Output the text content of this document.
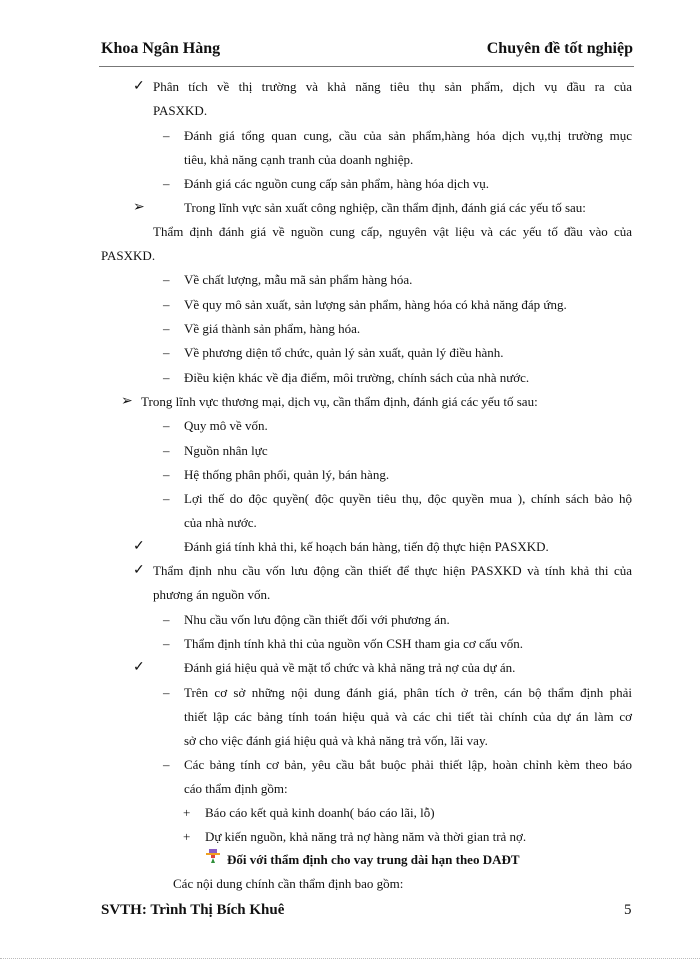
Khoa Ngân Hàng	Chuyên đề tốt nghiệp
✓ Phân tích về thị trường và khả năng tiêu thụ sản phẩm, dịch vụ đầu ra của
PASXKD.
– Đánh giá tổng quan cung, cầu của sản phẩm,hàng hóa dịch vụ,thị trường mục
tiêu, khả năng cạnh tranh của doanh nghiệp.
– Đánh giá các nguồn cung cấp sản phẩm, hàng hóa dịch vụ.
➢	Trong lĩnh vực sản xuất công nghiệp, cần thẩm định, đánh giá các yếu tố sau:
Thẩm định đánh giá về nguồn cung cấp, nguyên vật liệu và các yếu tố đầu vào của
PASXKD.
– Về chất lượng, mẫu mã sản phẩm hàng hóa.
– Về quy mô sản xuất, sản lượng sản phẩm, hàng hóa có khả năng đáp ứng.
– Về giá thành sản phẩm, hàng hóa.
– Về phương diện tổ chức, quản lý sản xuất, quản lý điều hành.
– Điều kiện khác về địa điểm, môi trường, chính sách của nhà nước.
➢ Trong lĩnh vực thương mại, dịch vụ, cần thẩm định, đánh giá các yếu tố sau:
– Quy mô về vốn.
– Nguồn nhân lực
– Hệ thống phân phối, quản lý, bán hàng.
– Lợi thế do độc quyền( độc quyền tiêu thụ, độc quyền mua ), chính sách bảo hộ
của nhà nước.
✓	Đánh giá tính khả thi, kế hoạch bán hàng, tiến độ thực hiện PASXKD.
✓ Thẩm định nhu cầu vốn lưu động cần thiết để thực hiện PASXKD và tính khả thi của
phương án nguồn vốn.
– Nhu cầu vốn lưu động cần thiết đối với phương án.
– Thẩm định tính khả thi của nguồn vốn CSH tham gia cơ cấu vốn.
✓	Đánh giá hiệu quả về mặt tổ chức và khả năng trả nợ của dự án.
– Trên cơ sở những nội dung đánh giá, phân tích ở trên, cán bộ thẩm định phải
thiết lập các bảng tính toán hiệu quả và các chi tiết tài chính của dự án làm cơ
sở cho việc đánh giá hiệu quả và khả năng trả vốn, lãi vay.
– Các bảng tính cơ bản, yêu cầu bắt buộc phải thiết lập, hoàn chỉnh kèm theo báo
cáo thẩm định gồm:
+ Báo cáo kết quả kinh doanh( báo cáo lãi, lỗ)
+ Dự kiến nguồn, khả năng trả nợ hàng năm và thời gian trả nợ.
Đối với thẩm định cho vay trung dài hạn theo DAĐT
Các nội dung chính cần thẩm định bao gồm:
SVTH: Trình Thị Bích Khuê	5
